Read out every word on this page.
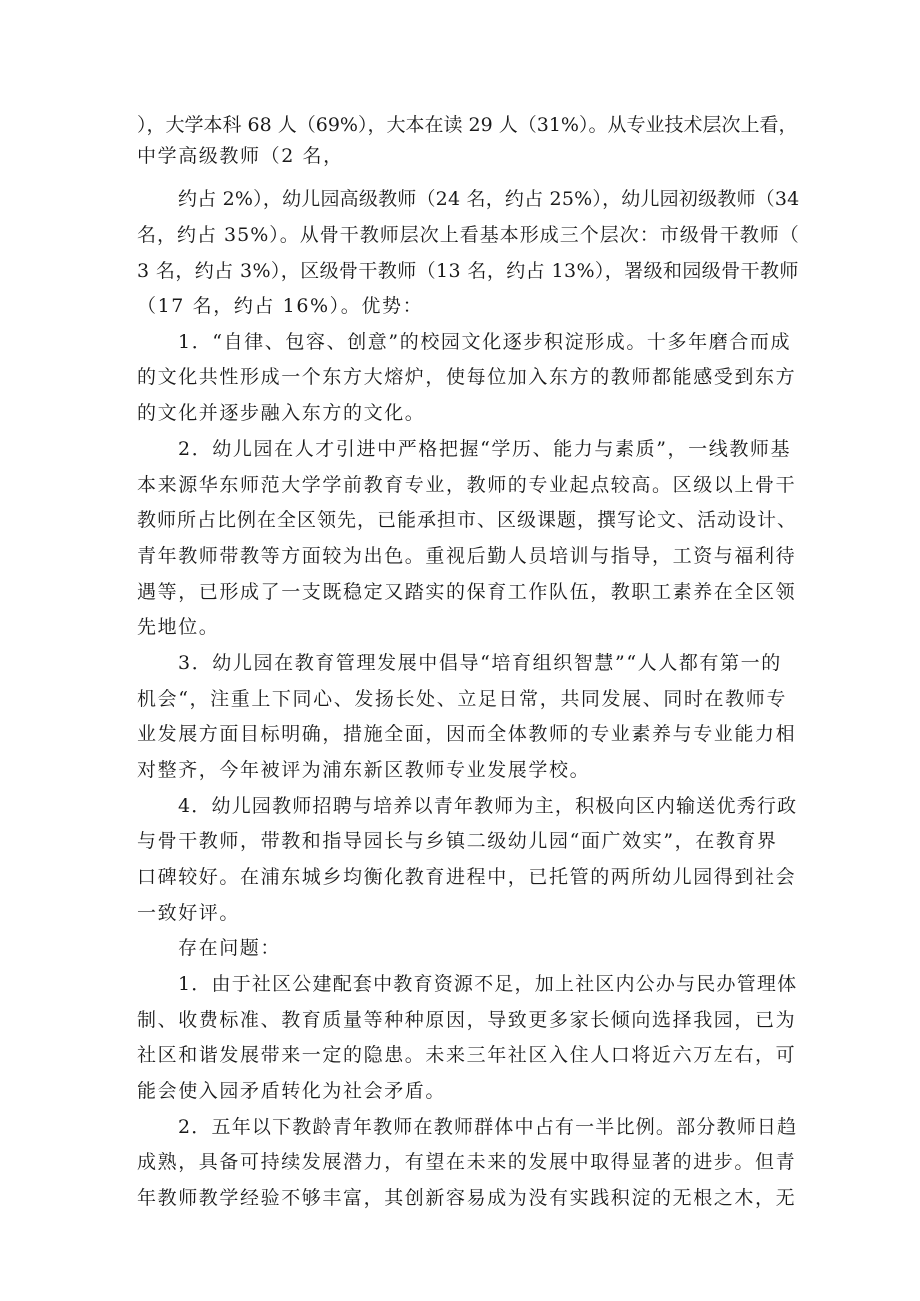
），大学本科 68 人（69%），大本在读 29 人（31%）。从专业技术层次上看，
中学高级教师（2 名，
约占 2%），幼儿园高级教师（24 名，约占 25%），幼儿园初级教师（34
名，约占 35%）。从骨干教师层次上看基本形成三个层次：市级骨干教师（
3 名，约占 3%），区级骨干教师（13 名，约占 13%），署级和园级骨干教师
（17 名，约占 16%）。优势：
1．“自律、包容、创意”的校园文化逐步积淀形成。十多年磨合而成
的文化共性形成一个东方大熔炉，使每位加入东方的教师都能感受到东方
的文化并逐步融入东方的文化。
2．幼儿园在人才引进中严格把握“学历、能力与素质”，一线教师基
本来源华东师范大学学前教育专业，教师的专业起点较高。区级以上骨干
教师所占比例在全区领先，已能承担市、区级课题，撰写论文、活动设计、
青年教师带教等方面较为出色。重视后勤人员培训与指导，工资与福利待
遇等，已形成了一支既稳定又踏实的保育工作队伍，教职工素养在全区领
先地位。
3．幼儿园在教育管理发展中倡导“培育组织智慧”“人人都有第一的
机会“，注重上下同心、发扬长处、立足日常，共同发展、同时在教师专
业发展方面目标明确，措施全面，因而全体教师的专业素养与专业能力相
对整齐，今年被评为浦东新区教师专业发展学校。
4．幼儿园教师招聘与培养以青年教师为主，积极向区内输送优秀行政
与骨干教师，带教和指导园长与乡镇二级幼儿园“面广效实”，在教育界
口碑较好。在浦东城乡均衡化教育进程中，已托管的两所幼儿园得到社会
一致好评。
存在问题：
1．由于社区公建配套中教育资源不足，加上社区内公办与民办管理体
制、收费标准、教育质量等种种原因，导致更多家长倾向选择我园，已为
社区和谐发展带来一定的隐患。未来三年社区入住人口将近六万左右，可
能会使入园矛盾转化为社会矛盾。
2．五年以下教龄青年教师在教师群体中占有一半比例。部分教师日趋
成熟，具备可持续发展潜力，有望在未来的发展中取得显著的进步。但青
年教师教学经验不够丰富，其创新容易成为没有实践积淀的无根之木，无
